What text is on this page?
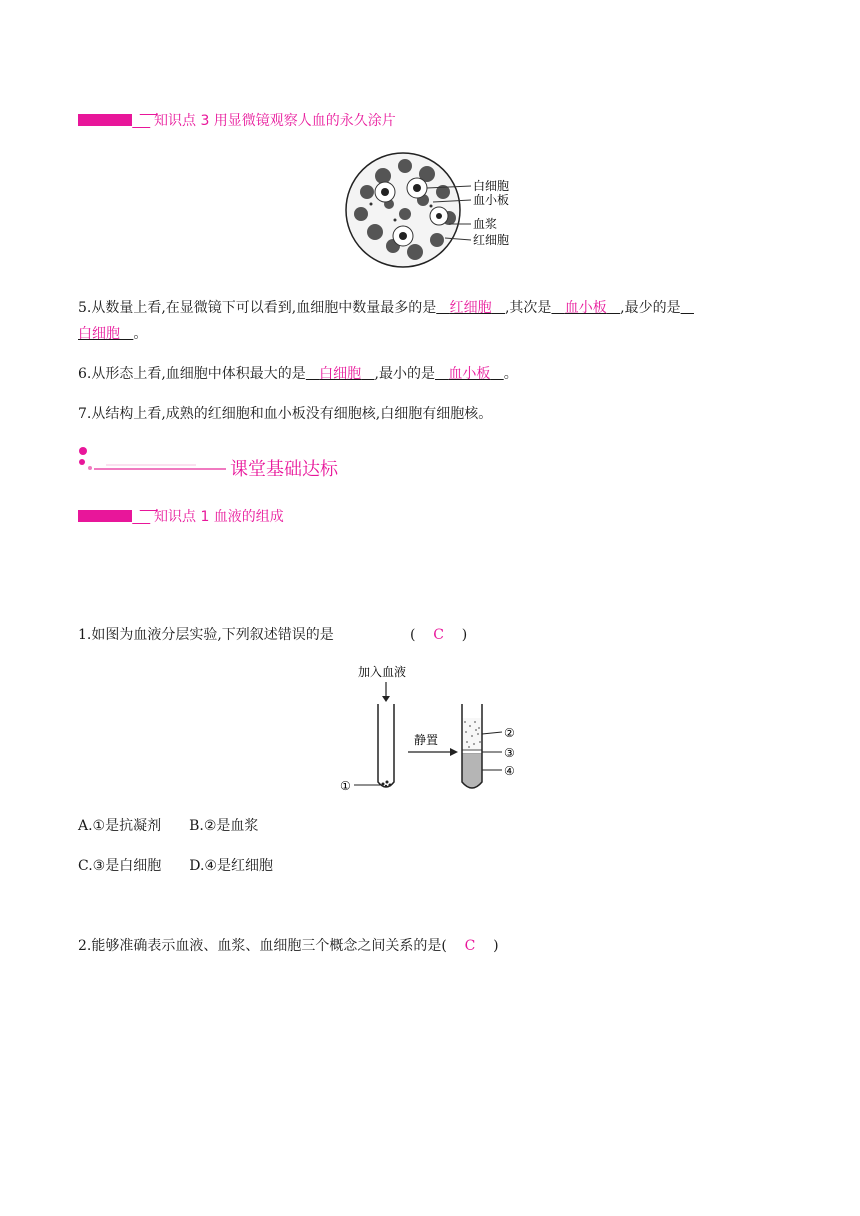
知识点 3 用显微镜观察人血的永久涂片
白细胞
血小板
血浆
红细胞
5.从数量上看,在显微镜下可以看到,血细胞中数量最多的是 红细胞 ,其次是 血小板 ,最少的是
白细胞 。
6.从形态上看,血细胞中体积最大的是 白细胞 ,最小的是 血小板 。
7.从结构上看,成熟的红细胞和血小板没有细胞核,白细胞有细胞核。
课堂基础达标
知识点 1 血液的组成
1.如图为血液分层实验,下列叙述错误的是	(    C    )
加入血液
①
静置	②
③
④
A.①是抗凝剂 B.②是血浆
C.③是白细胞 D.④是红细胞
2.能够准确表示血液、血浆、血细胞三个概念之间关系的是( C )
